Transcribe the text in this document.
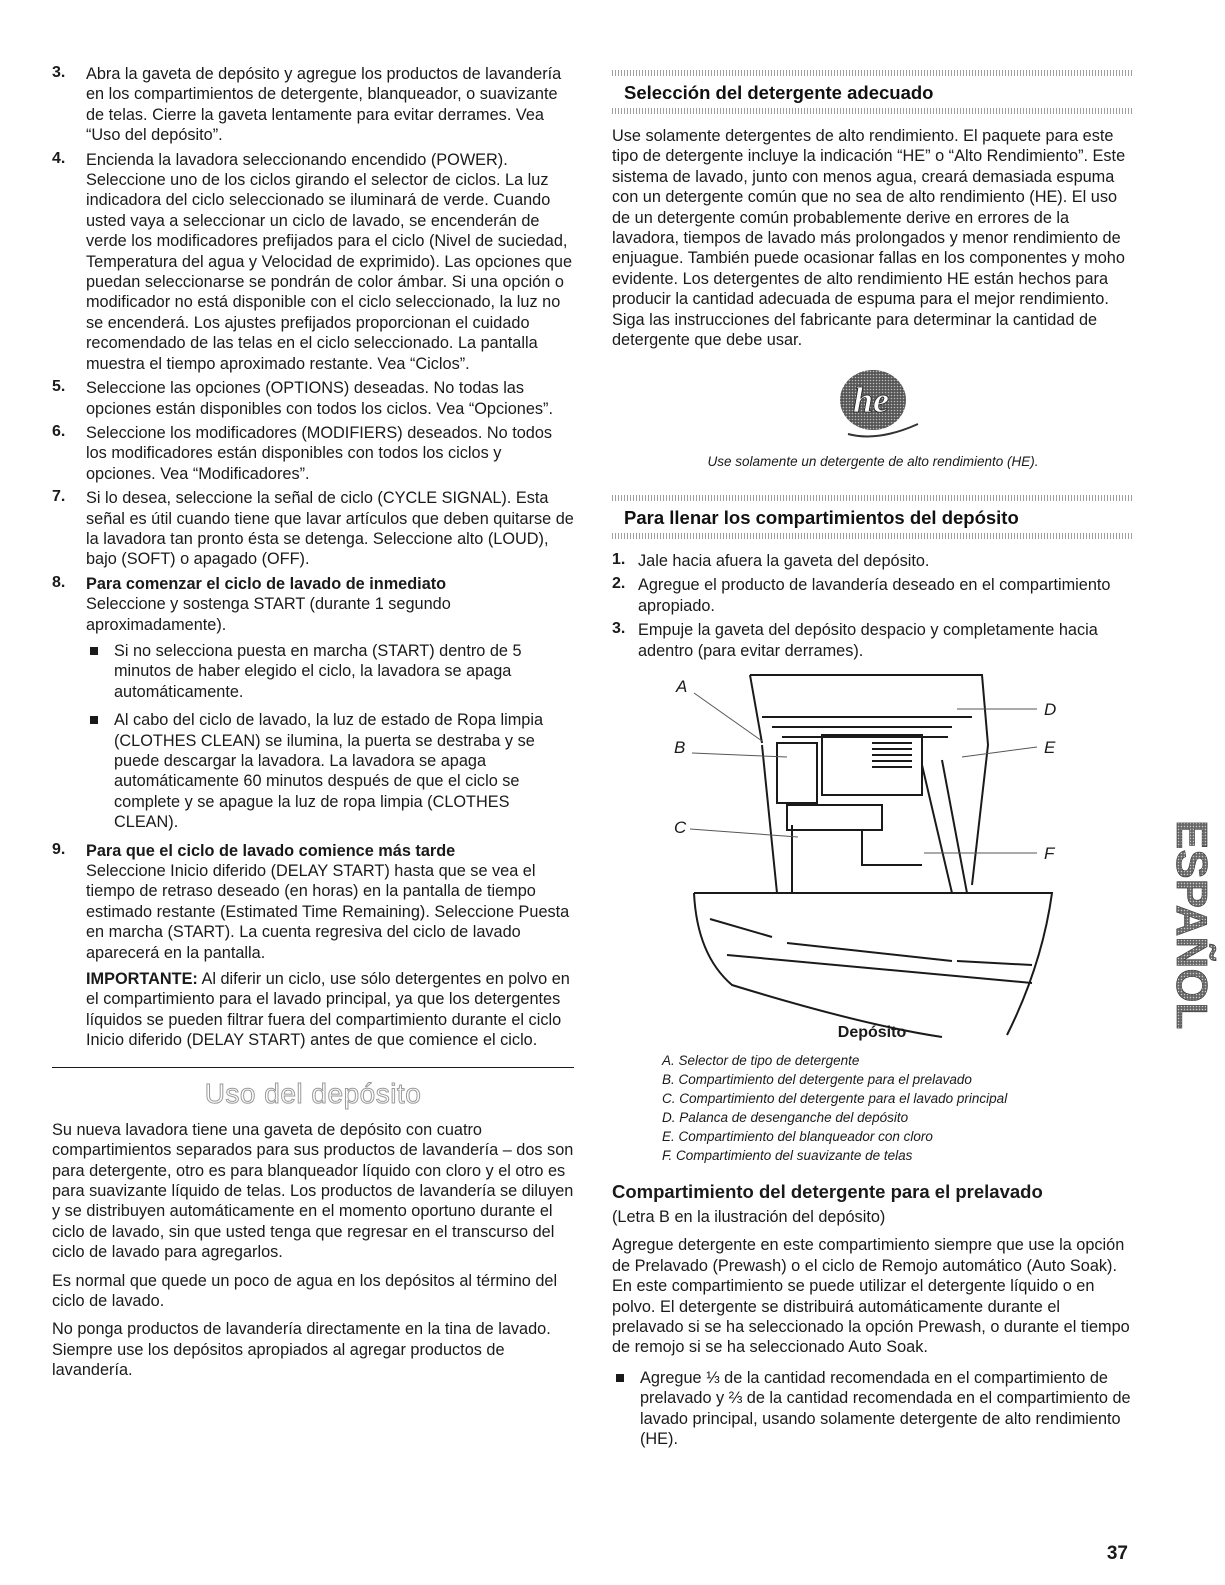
3. Abra la gaveta de depósito y agregue los productos de lavandería en los compartimientos de detergente, blanqueador, o suavizante de telas. Cierre la gaveta lentamente para evitar derrames. Vea “Uso del depósito”.

4. Encienda la lavadora seleccionando encendido (POWER). Seleccione uno de los ciclos girando el selector de ciclos. La luz indicadora del ciclo seleccionado se iluminará de verde. Cuando usted vaya a seleccionar un ciclo de lavado, se encenderán de verde los modificadores prefijados para el ciclo (Nivel de suciedad, Temperatura del agua y Velocidad de exprimido). Las opciones que puedan seleccionarse se pondrán de color ámbar. Si una opción o modificador no está disponible con el ciclo seleccionado, la luz no se encenderá. Los ajustes prefijados proporcionan el cuidado recomendado de las telas en el ciclo seleccionado. La pantalla muestra el tiempo aproximado restante. Vea “Ciclos”.

5. Seleccione las opciones (OPTIONS) deseadas. No todas las opciones están disponibles con todos los ciclos. Vea “Opciones”.

6. Seleccione los modificadores (MODIFIERS) deseados. No todos los modificadores están disponibles con todos los ciclos y opciones. Vea “Modificadores”.

7. Si lo desea, seleccione la señal de ciclo (CYCLE SIGNAL). Esta señal es útil cuando tiene que lavar artículos que deben quitarse de la lavadora tan pronto ésta se detenga. Seleccione alto (LOUD), bajo (SOFT) o apagado (OFF).

8. Para comenzar el ciclo de lavado de inmediato

Seleccione y sostenga START (durante 1 segundo aproximadamente).

Si no selecciona puesta en marcha (START) dentro de 5 minutos de haber elegido el ciclo, la lavadora se apaga automáticamente.

Al cabo del ciclo de lavado, la luz de estado de Ropa limpia (CLOTHES CLEAN) se ilumina, la puerta se destraba y se puede descargar la lavadora. La lavadora se apaga automáticamente 60 minutos después de que el ciclo se complete y se apague la luz de ropa limpia (CLOTHES CLEAN).

9. Para que el ciclo de lavado comience más tarde

Seleccione Inicio diferido (DELAY START) hasta que se vea el tiempo de retraso deseado (en horas) en la pantalla de tiempo estimado restante (Estimated Time Remaining). Seleccione Puesta en marcha (START). La cuenta regresiva del ciclo de lavado aparecerá en la pantalla.

IMPORTANTE: Al diferir un ciclo, use sólo detergentes en polvo en el compartimiento para el lavado principal, ya que los detergentes líquidos se pueden filtrar fuera del compartimiento durante el ciclo Inicio diferido (DELAY START) antes de que comience el ciclo.

Uso del depósito

Su nueva lavadora tiene una gaveta de depósito con cuatro compartimientos separados para sus productos de lavandería – dos son para detergente, otro es para blanqueador líquido con cloro y el otro es para suavizante líquido de telas. Los productos de lavandería se diluyen y se distribuyen automáticamente en el momento oportuno durante el ciclo de lavado, sin que usted tenga que regresar en el transcurso del ciclo de lavado para agregarlos.

Es normal que quede un poco de agua en los depósitos al término del ciclo de lavado.

No ponga productos de lavandería directamente en la tina de lavado. Siempre use los depósitos apropiados al agregar productos de lavandería.

Selección del detergente adecuado

Use solamente detergentes de alto rendimiento. El paquete para este tipo de detergente incluye la indicación “HE” o “Alto Rendimiento”. Este sistema de lavado, junto con menos agua, creará demasiada espuma con un detergente común que no sea de alto rendimiento (HE). El uso de un detergente común probablemente derive en errores de la lavadora, tiempos de lavado más prolongados y menor rendimiento de enjuague. También puede ocasionar fallas en los componentes y moho evidente. Los detergentes de alto rendimiento HE están hechos para producir la cantidad adecuada de espuma para el mejor rendimiento. Siga las instrucciones del fabricante para determinar la cantidad de detergente que debe usar.

he

Use solamente un detergente de alto rendimiento (HE).

Para llenar los compartimientos del depósito
1. Jale hacia afuera la gaveta del depósito.

2. Agregue el producto de lavandería deseado en el compartimiento apropiado.

3. Empuje la gaveta del depósito despacio y completamente hacia adentro (para evitar derrames).

A
B
C
D
E
F
Depósito

A. Selector de tipo de detergente

B. Compartimiento del detergente para el prelavado

C. Compartimiento del detergente para el lavado principal

D. Palanca de desenganche del depósito

E. Compartimiento del blanqueador con cloro

F. Compartimiento del suavizante de telas

Compartimiento del detergente para el prelavado

(Letra B en la ilustración del depósito)

Agregue detergente en este compartimiento siempre que use la opción de Prelavado (Prewash) o el ciclo de Remojo automático (Auto Soak). En este compartimiento se puede utilizar el detergente líquido o en polvo. El detergente se distribuirá automáticamente durante el prelavado si se ha seleccionado la opción Prewash, o durante el tiempo de remojo si se ha seleccionado Auto Soak.

Agregue ⅓ de la cantidad recomendada en el compartimiento de prelavado y ⅔ de la cantidad recomendada en el compartimiento de lavado principal, usando solamente detergente de alto rendimiento (HE).

ESPAÑOL
37
